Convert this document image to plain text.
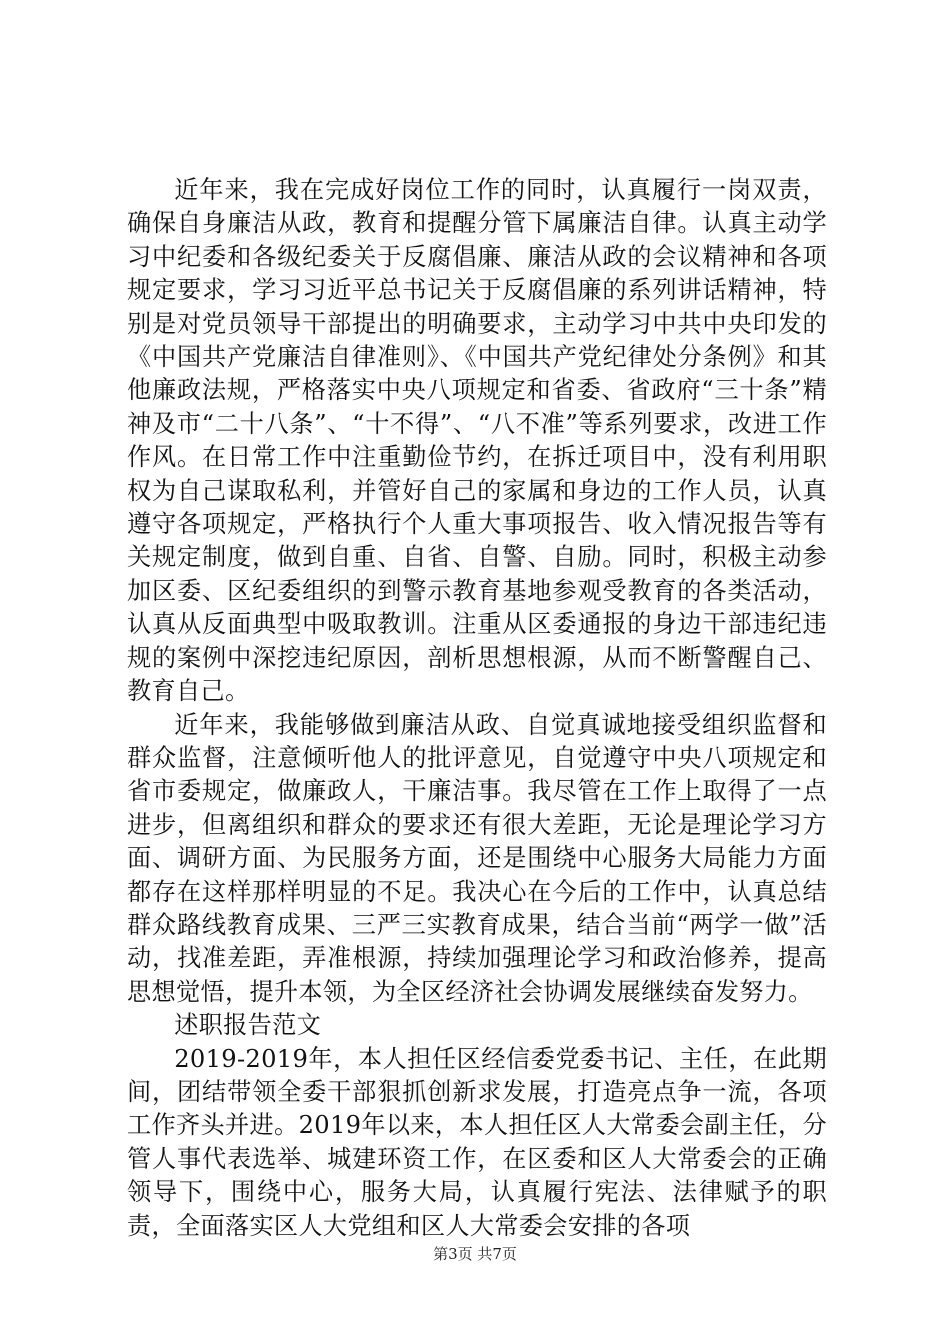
近年来，我在完成好岗位工作的同时，认真履行一岗双责，确保自身廉洁从政，教育和提醒分管下属廉洁自律。认真主动学习中纪委和各级纪委关于反腐倡廉、廉洁从政的会议精神和各项规定要求，学习习近平总书记关于反腐倡廉的系列讲话精神，特别是对党员领导干部提出的明确要求，主动学习中共中央印发的《中国共产党廉洁自律准则》、《中国共产党纪律处分条例》和其他廉政法规，严格落实中央八项规定和省委、省政府“三十条”精神及市“二十八条”、“十不得”、“八不准”等系列要求，改进工作作风。在日常工作中注重勤俭节约，在拆迁项目中，没有利用职权为自己谋取私利，并管好自己的家属和身边的工作人员，认真遵守各项规定，严格执行个人重大事项报告、收入情况报告等有关规定制度，做到自重、自省、自警、自励。同时，积极主动参加区委、区纪委组织的到警示教育基地参观受教育的各类活动，认真从反面典型中吸取教训。注重从区委通报的身边干部违纪违规的案例中深挖违纪原因，剖析思想根源，从而不断警醒自己、教育自己。

近年来，我能够做到廉洁从政、自觉真诚地接受组织监督和群众监督，注意倾听他人的批评意见，自觉遵守中央八项规定和省市委规定，做廉政人，干廉洁事。我尽管在工作上取得了一点进步，但离组织和群众的要求还有很大差距，无论是理论学习方面、调研方面、为民服务方面，还是围绕中心服务大局能力方面都存在这样那样明显的不足。我决心在今后的工作中，认真总结群众路线教育成果、三严三实教育成果，结合当前“两学一做”活动，找准差距，弄准根源，持续加强理论学习和政治修养，提高思想觉悟，提升本领，为全区经济社会协调发展继续奋发努力。

述职报告范文

2019-2019年，本人担任区经信委党委书记、主任，在此期间，团结带领全委干部狠抓创新求发展，打造亮点争一流，各项工作齐头并进。2019年以来，本人担任区人大常委会副主任，分管人事代表选举、城建环资工作，在区委和区人大常委会的正确领导下，围绕中心，服务大局，认真履行宪法、法律赋予的职责，全面落实区人大党组和区人大常委会安排的各项

第3页 共7页
